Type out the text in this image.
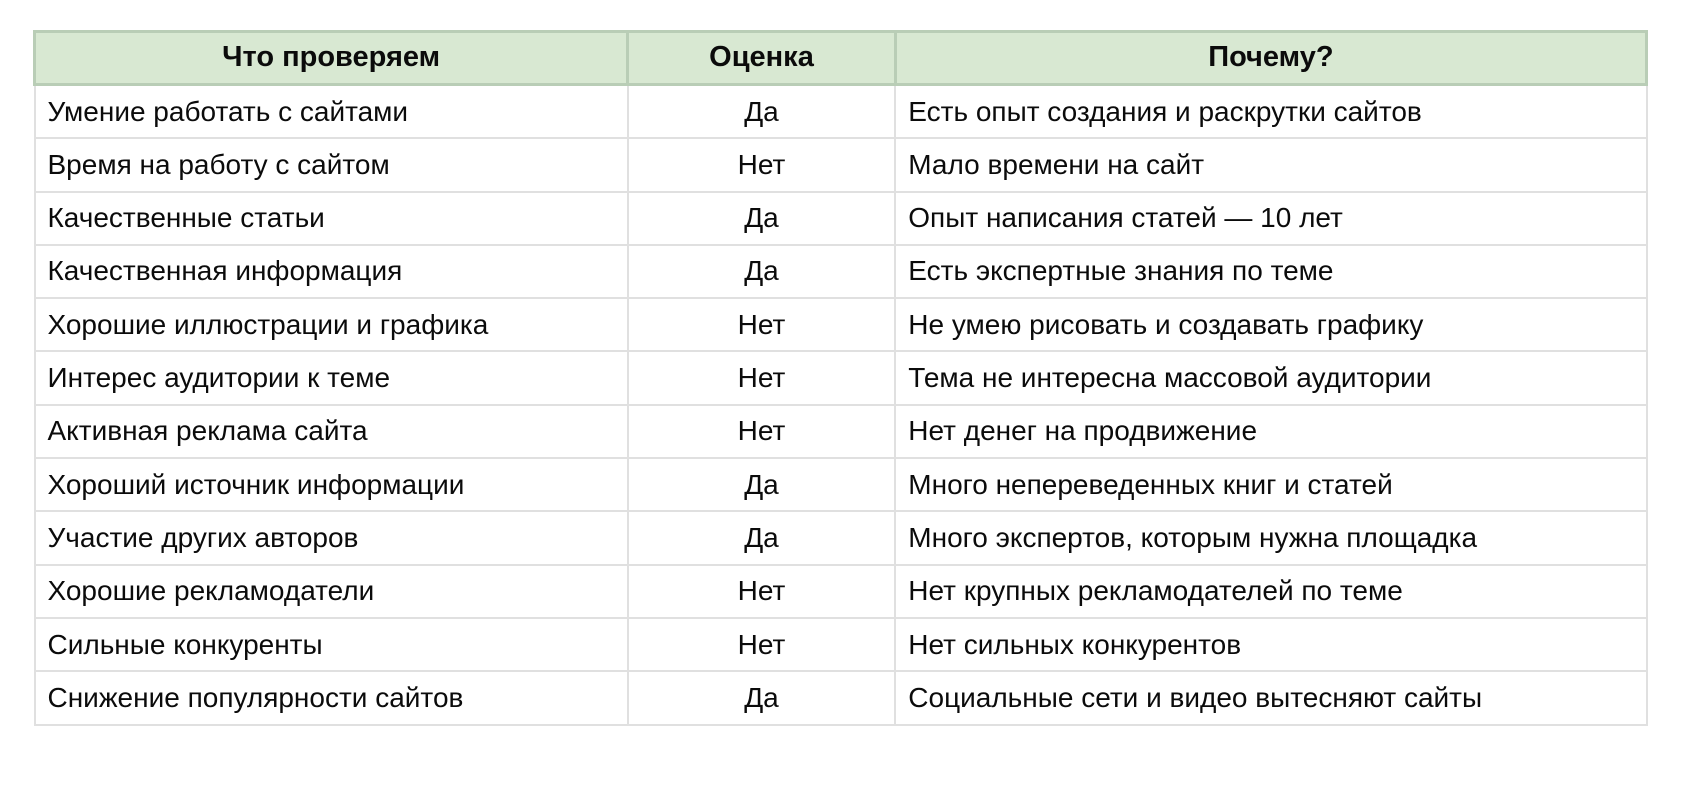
Что проверяем	Оценка	Почему?
Умение работать с сайтами	Да	Есть опыт создания и раскрутки сайтов
Время на работу с сайтом	Нет	Мало времени на сайт
Качественные статьи	Да	Опыт написания статей — 10 лет
Качественная информация	Да	Есть экспертные знания по теме
Хорошие иллюстрации и графика	Нет	Не умею рисовать и создавать графику
Интерес аудитории к теме	Нет	Тема не интересна массовой аудитории
Активная реклама сайта	Нет	Нет денег на продвижение
Хороший источник информации	Да	Много непереведенных книг и статей
Участие других авторов	Да	Много экспертов, которым нужна площадка
Хорошие рекламодатели	Нет	Нет крупных рекламодателей по теме
Сильные конкуренты	Нет	Нет сильных конкурентов
Снижение популярности сайтов	Да	Социальные сети и видео вытесняют сайты
